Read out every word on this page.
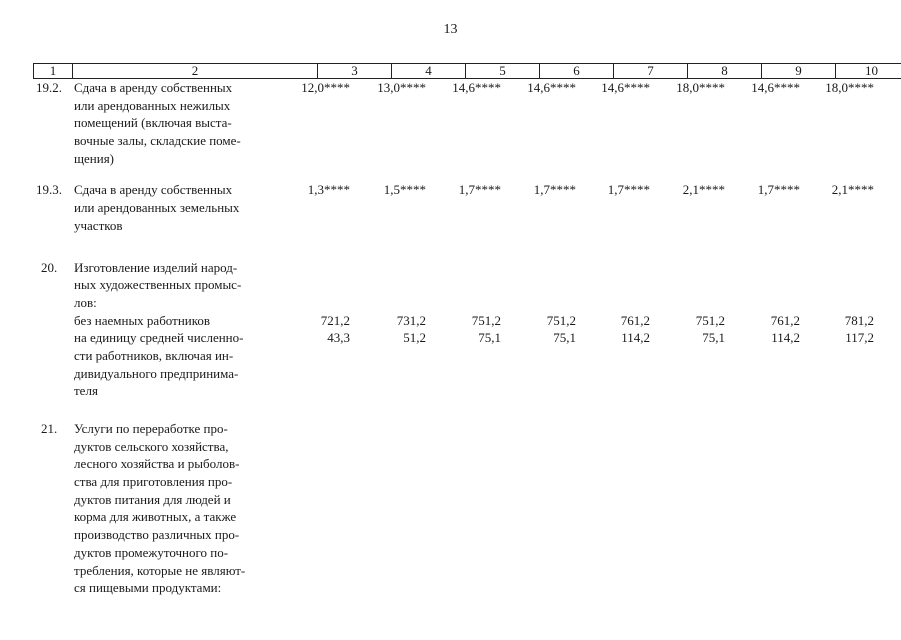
13
1	2	3	4	5	6	7	8	9	10
19.2. Сдача в аренду собственных
или арендованных нежилых
помещений (включая выста-
вочные залы, складские поме-
щения)
12,0**** 13,0**** 14,6**** 14,6**** 14,6**** 18,0**** 14,6**** 18,0****
19.3. Сдача в аренду собственных
или арендованных земельных
участков
1,3****	1,5****	1,7****	1,7**** 1,7****	2,1****	1,7**** 2,1****
20.	Изготовление изделий народ-
ных художественных промыс-
лов:
без наемных работников
на единицу средней численно-
сти работников, включая ин-
дивидуального предпринима-
теля
721,2	731,2	751,2	751,2	761,2	751,2	761,2	781,2
43,3	51,2	75,1	75,1	114,2	75,1	114,2	117,2
21.	Услуги по переработке про-
дуктов сельского хозяйства,
лесного хозяйства и рыболов-
ства для приготовления про-
дуктов питания для людей и
корма для животных, а также
производство различных про-
дуктов промежуточного по-
требления, которые не являют-
ся пищевыми продуктами:
